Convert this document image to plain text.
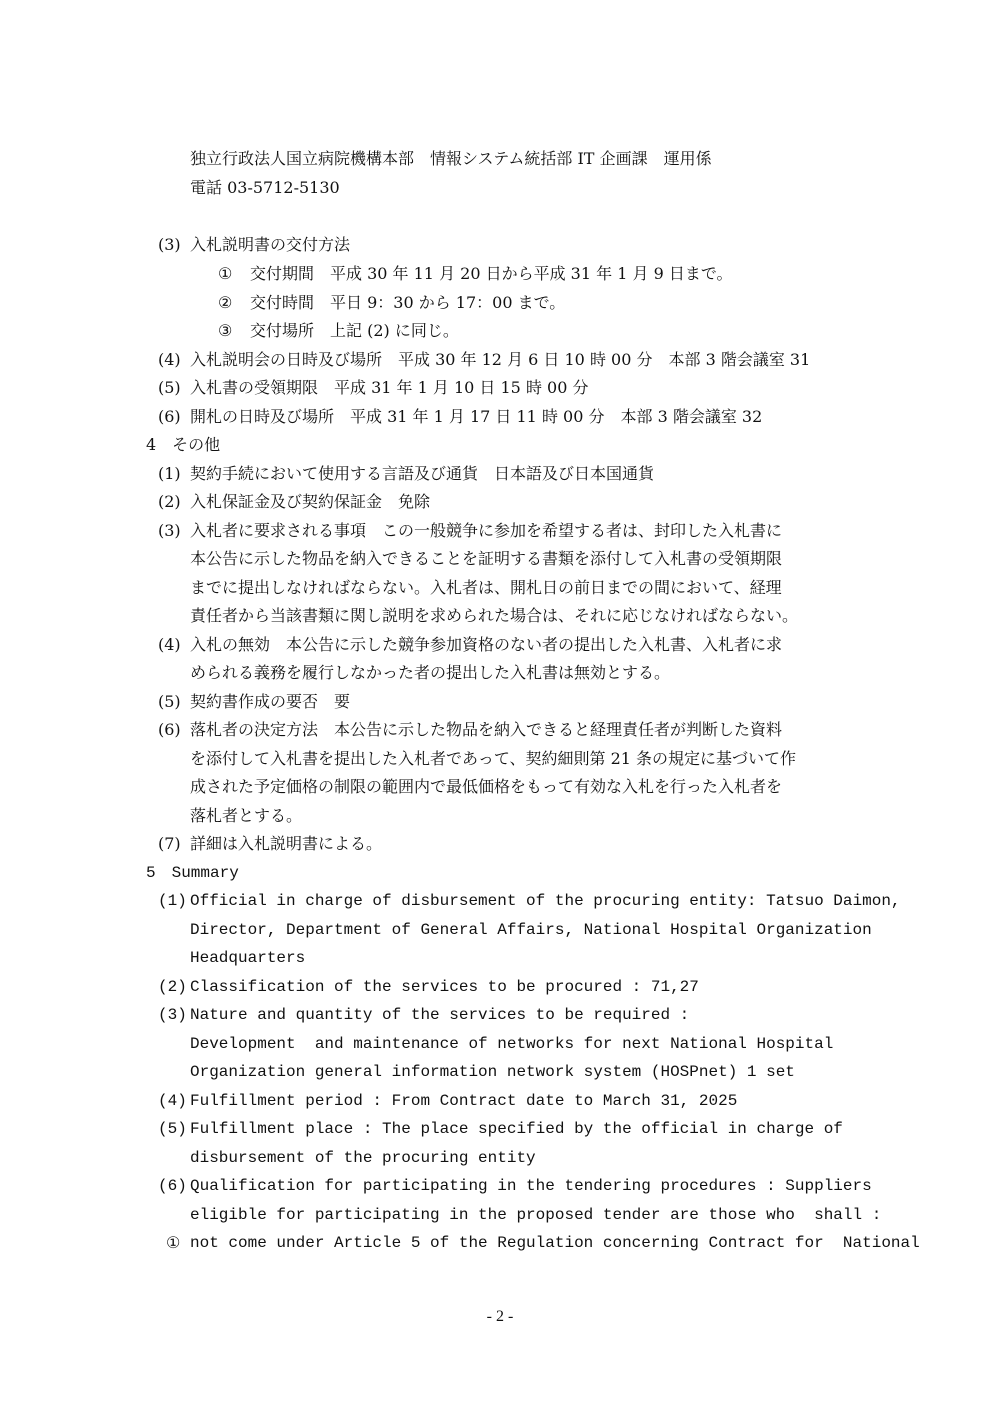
独立行政法人国立病院機構本部　情報システム統括部 IT 企画課　運用係
電話 03-5712-5130
(3) 入札説明書の交付方法
① 交付期間　平成 30 年 11 月 20 日から平成 31 年 1 月 9 日まで。
② 交付時間　平日 9：30 から 17：00 まで。
③ 交付場所　上記 (2) に同じ。
(4) 入札説明会の日時及び場所　平成 30 年 12 月 6 日 10 時 00 分　本部 3 階会議室 31
(5) 入札書の受領期限　平成 31 年 1 月 10 日 15 時 00 分
(6) 開札の日時及び場所　平成 31 年 1 月 17 日 11 時 00 分　本部 3 階会議室 32
4　その他
(1) 契約手続において使用する言語及び通貨　日本語及び日本国通貨
(2) 入札保証金及び契約保証金　免除
(3) 入札者に要求される事項　この一般競争に参加を希望する者は、封印した入札書に
本公告に示した物品を納入できることを証明する書類を添付して入札書の受領期限
までに提出しなければならない。入札者は、開札日の前日までの間において、経理
責任者から当該書類に関し説明を求められた場合は、それに応じなければならない。
(4) 入札の無効　本公告に示した競争参加資格のない者の提出した入札書、入札者に求
められる義務を履行しなかった者の提出した入札書は無効とする。
(5) 契約書作成の要否　要
(6) 落札者の決定方法　本公告に示した物品を納入できると経理責任者が判断した資料
を添付して入札書を提出した入札者であって、契約細則第 21 条の規定に基づいて作
成された予定価格の制限の範囲内で最低価格をもって有効な入札を行った入札者を
落札者とする。
(7) 詳細は入札説明書による。
5　Summary
(1) Official in charge of disbursement of the procuring entity: Tatsuo Daimon,
Director, Department of General Affairs, National Hospital Organization
Headquarters
(2) Classification of the services to be procured : 71,27
(3) Nature and quantity of the services to be required :
Development  and maintenance of networks for next National Hospital
Organization general information network system (HOSPnet) 1 set
(4) Fulfillment period : From Contract date to March 31, 2025
(5) Fulfillment place : The place specified by the official in charge of
disbursement of the procuring entity
(6) Qualification for participating in the tendering procedures : Suppliers
eligible for participating in the proposed tender are those who  shall :
① not come under Article 5 of the Regulation concerning Contract for  National
- 2 -
